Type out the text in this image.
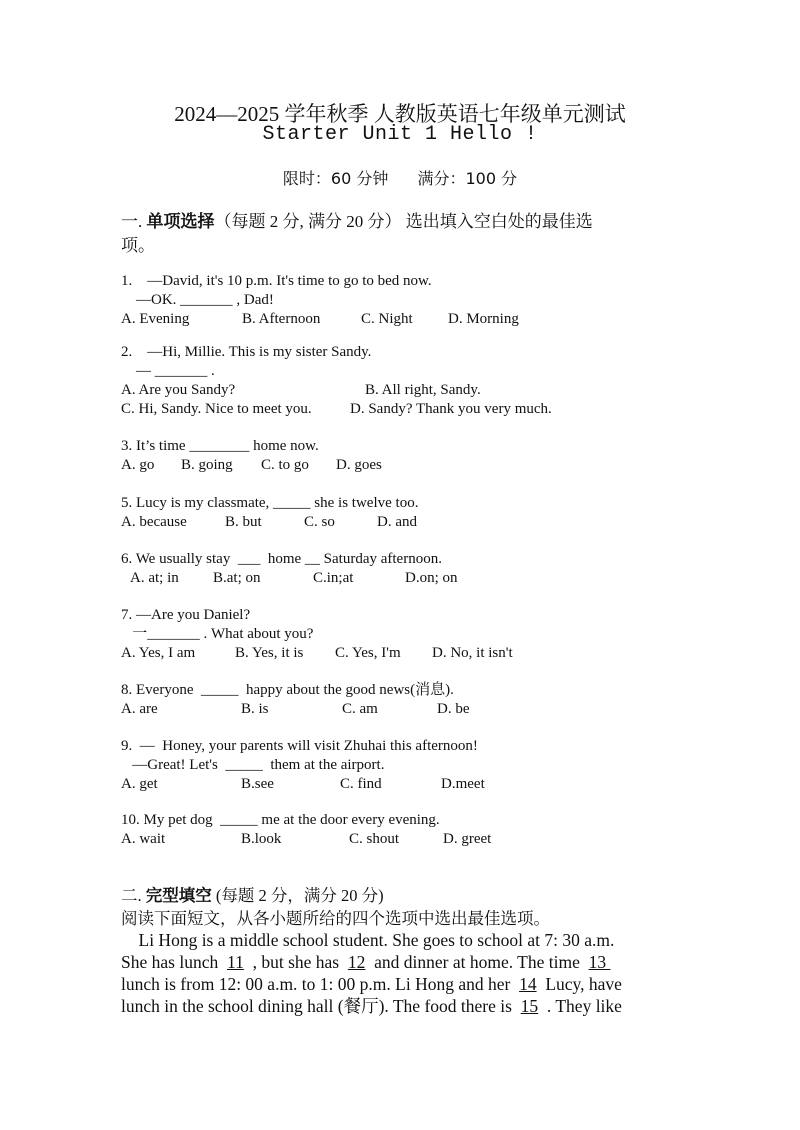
2024—2025 学年秋季 人教版英语七年级单元测试
Starter Unit 1 Hello !
限时：60 分钟 满分：100 分
一. 单项选择（每题 2 分, 满分 20 分） 选出填入空白处的最佳选
项。
1.    —David, it's 10 p.m. It's time to go to bed now.
—OK. _______ , Dad!
A. Evening	B. Afternoon	C. Night D. Morning
2.    —Hi, Millie. This is my sister Sandy.
— _______ .
A. Are you Sandy?	B. All right, Sandy.
C. Hi, Sandy. Nice to meet you.	D. Sandy? Thank you very much.
3. It’s time ________ home now.
A. go B. going C. to go D. goes
5. Lucy is my classmate, _____ she is twelve too.
A. because	B. but	C. so	D. and
6. We usually stay  ___  home __ Saturday afternoon.
A. at; in B.at; on	C.in;at	D.on; on
7. —Are you Daniel?
一_______ . What about you?
A. Yes, I am	B. Yes, it is C. Yes, I'm D. No, it isn't
8. Everyone  _____  happy about the good news(消息).
A. are	B. is	C. am	D. be
9.  —  Honey, your parents will visit Zhuhai this afternoon!
—Great! Let's  _____  them at the airport.
A. get	B.see	C. find	D.meet
10. My pet dog  _____ me at the door every evening.
A. wait	B.look	C. shout	D. greet
二. 完型填空 (每题 2 分，满分 20 分)
阅读下面短文，从各小题所给的四个选项中选出最佳选项。
Li Hong is a middle school student. She goes to school at 7: 30 a.m.
She has lunch  11  , but she has  12  and dinner at home. The time  13
lunch is from 12: 00 a.m. to 1: 00 p.m. Li Hong and her  14  Lucy, have
lunch in the school dining hall (餐厅). The food there is  15  . They like
